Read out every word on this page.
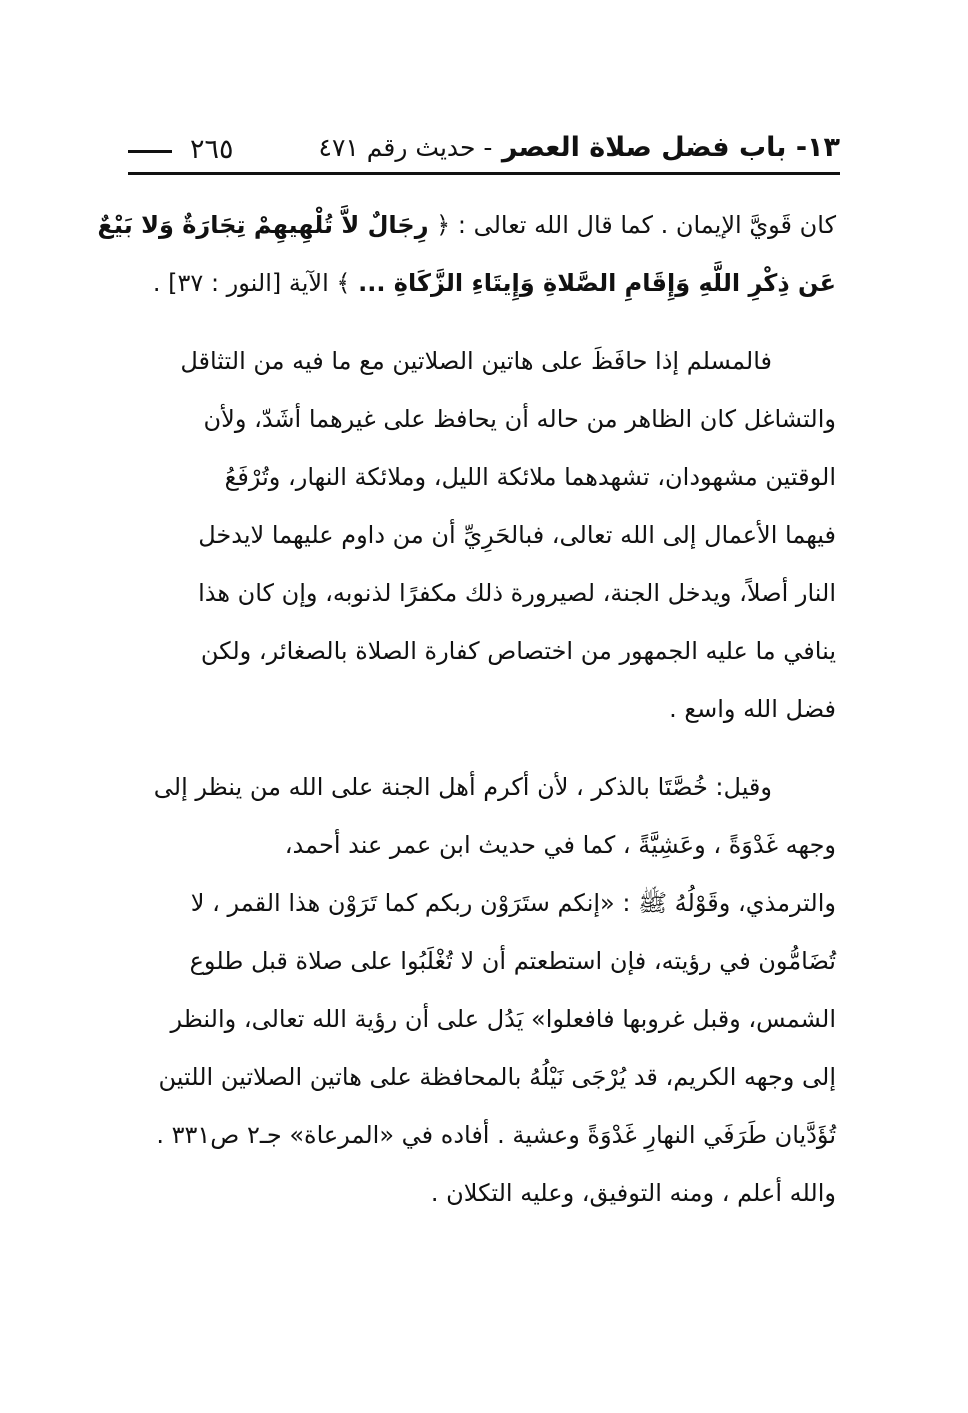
١٣- باب فضل صلاة العصر - حديث رقم ٤٧١
٢٦٥
كان قَويَّ الإيمان . كما قال الله تعالى : ﴿ رِجَالٌ لاَّ تُلْهِيهِمْ تِجَارَةٌ وَلا بَيْعٌ
عَن ذِكْرِ اللَّهِ وَإِقَامِ الصَّلاةِ وَإِيتَاءِ الزَّكَاةِ ... ﴾ الآية [النور : ٣٧] .
فالمسلم إذا حافَظَ على هاتين الصلاتين مع ما فيه من التثاقل
والتشاغل كان الظاهر من حاله أن يحافظ على غيرهما أشَدّ، ولأن
الوقتين مشهودان، تشهدهما ملائكة الليل، وملائكة النهار، وتُرْفَعُ
فيهما الأعمال إلى الله تعالى، فبالحَرِيِّ أن من داوم عليهما لايدخل
النار أصلاً، ويدخل الجنة، لصيرورة ذلك مكفرًا لذنوبه، وإن كان هذا
ينافي ما عليه الجمهور من اختصاص كفارة الصلاة بالصغائر، ولكن
فضل الله واسع .
وقيل: خُصَّتَا بالذكر ، لأن أكرم أهل الجنة على الله من ينظر إلى
وجهه غَدْوَةً ، وعَشِيَّةً ، كما في حديث ابن عمر عند أحمد،
والترمذي، وقَوْلُهُ ﷺ : «إنكم ستَرَوْن ربكم كما تَرَوْن هذا القمر ، لا
تُضَامُّون في رؤيته، فإن استطعتم أن لا تُغْلَبُوا على صلاة قبل طلوع
الشمس، وقبل غروبها فافعلوا» يَدُل على أن رؤية الله تعالى، والنظر
إلى وجهه الكريم، قد يُرْجَى نَيْلُهُ بالمحافظة على هاتين الصلاتين اللتين
تُؤَدَّيان طَرَفَي النهارِ غَدْوَةً وعشية . أفاده في «المرعاة» جـ٢ ص٣٣١ .
والله أعلم ، ومنه التوفيق، وعليه التكلان .
